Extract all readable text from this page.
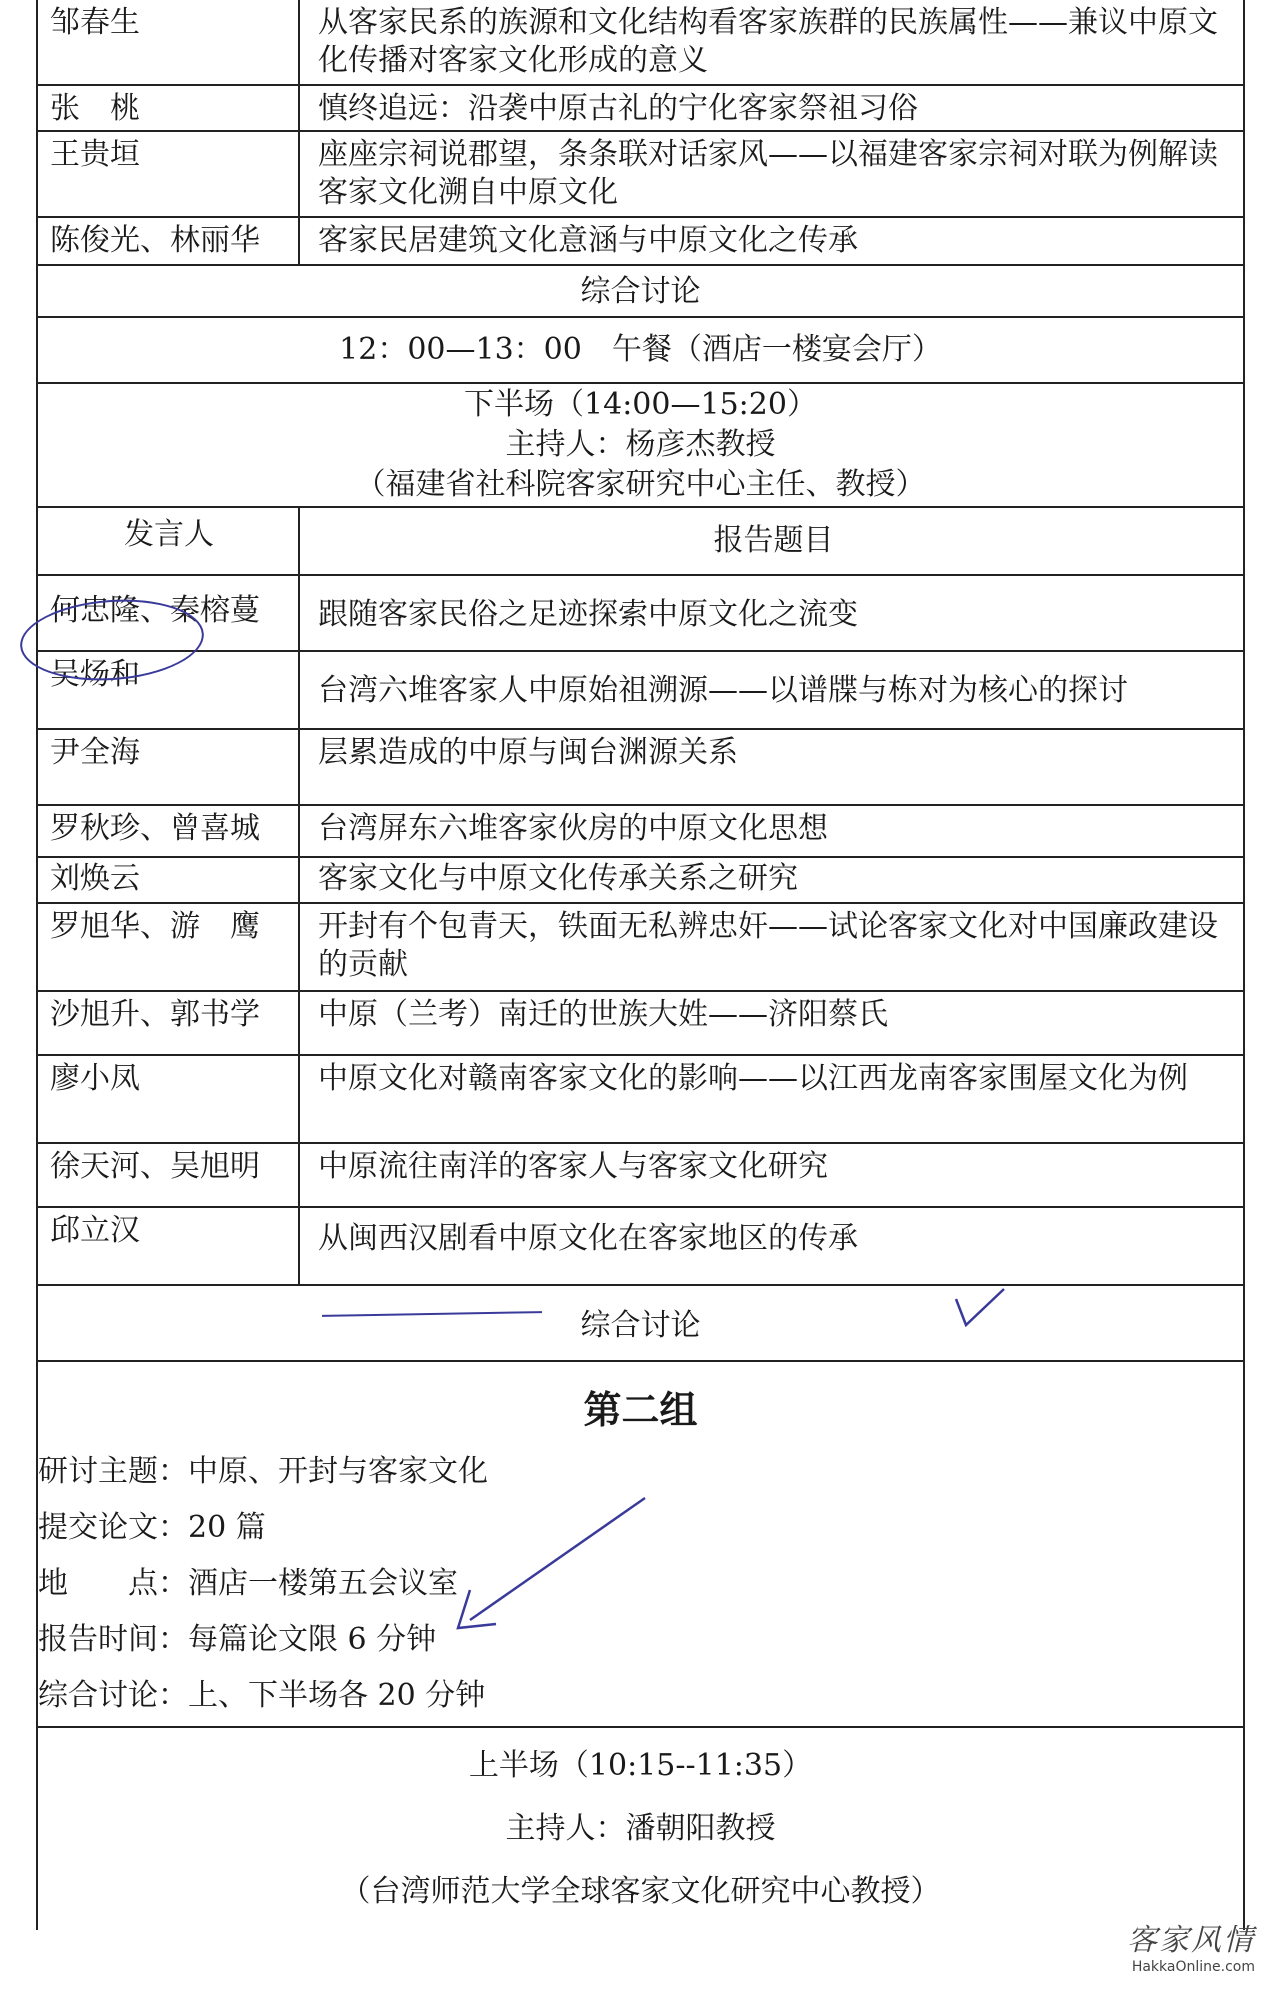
邹春生	从客家民系的族源和文化结构看客家族群的民族属性——兼议中原文化传播对客家文化形成的意义
张　桃	慎终追远：沿袭中原古礼的宁化客家祭祖习俗
王贵垣	座座宗祠说郡望，条条联对话家风——以福建客家宗祠对联为例解读客家文化溯自中原文化
陈俊光、林丽华	客家民居建筑文化意涵与中原文化之传承
综合讨论
12：00—13：00　午餐（酒店一楼宴会厅）
下半场（14:00—15:20）
主持人：杨彦杰教授
（福建省社科院客家研究中心主任、教授）
发言人	报告题目
何忠隆、秦榕蔓	跟随客家民俗之足迹探索中原文化之流变
吴炀和	台湾六堆客家人中原始祖溯源——以谱牒与栋对为核心的探讨
尹全海	层累造成的中原与闽台渊源关系
罗秋珍、曾喜城	台湾屏东六堆客家伙房的中原文化思想
刘焕云	客家文化与中原文化传承关系之研究
罗旭华、游　鹰	开封有个包青天，铁面无私辨忠奸——试论客家文化对中国廉政建设的贡献
沙旭升、郭书学	中原（兰考）南迁的世族大姓——济阳蔡氏
廖小凤	中原文化对赣南客家文化的影响——以江西龙南客家围屋文化为例
徐天河、吴旭明	中原流往南洋的客家人与客家文化研究
邱立汉	从闽西汉剧看中原文化在客家地区的传承
综合讨论
第二组
研讨主题：中原、开封与客家文化
提交论文：20 篇
地　　点：酒店一楼第五会议室
报告时间：每篇论文限 6 分钟
综合讨论：上、下半场各 20 分钟
上半场（10:15--11:35）
主持人：潘朝阳教授
（台湾师范大学全球客家文化研究中心教授）
客家风情
HakkaOnline.com
